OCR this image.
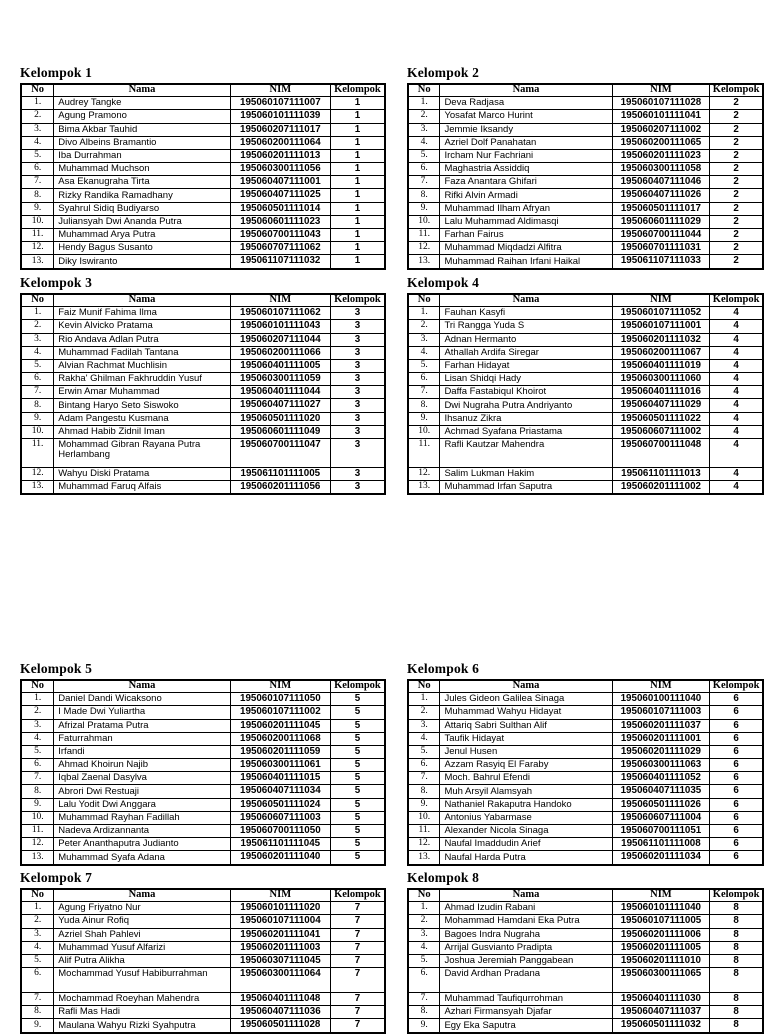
Kelompok 1
No	Nama	NIM	Kelompok
1.	Audrey Tangke	195060107111007	1
2.	Agung Pramono	195060101111039	1
3.	Bima Akbar Tauhid	195060207111017	1
4.	Divo Albeins Bramantio	195060200111064	1
5.	Iba Durrahman	195060201111013	1
6.	Muhammad Muchson	195060300111056	1
7.	Asa Ekanugraha Tirta	195060407111001	1
8.	Rizky Randika Ramadhany	195060407111025	1
9.	Syahrul Sidiq Budiyarso	195060501111014	1
10.	Juliansyah Dwi Ananda Putra	195060601111023	1
11.	Muhammad Arya Putra	195060700111043	1
12.	Hendy Bagus Susanto	195060707111062	1
13.	Diky Iswiranto	195061107111032	1
Kelompok 2
No	Nama	NIM	Kelompok
1.	Deva Radjasa	195060107111028	2
2.	Yosafat Marco Hurint	195060101111041	2
3.	Jemmie Iksandy	195060207111002	2
4.	Azriel Dolf Panahatan	195060200111065	2
5.	Ircham Nur Fachriani	195060201111023	2
6.	Maghastria Assiddiq	195060300111058	2
7.	Faza Anantara Ghifari	195060407111046	2
8.	Rifki Alvin Armadi	195060407111026	2
9.	Muhammad Ilham Afryan	195060501111017	2
10.	Lalu Muhammad Aldimasqi	195060601111029	2
11.	Farhan Fairus	195060700111044	2
12.	Muhammad Miqdadzi Alfitra	195060701111031	2
13.	Muhammad Raihan Irfani Haikal	195061107111033	2
Kelompok 3
No	Nama	NIM	Kelompok
1.	Faiz Munif Fahima Ilma	195060107111062	3
2.	Kevin Alvicko Pratama	195060101111043	3
3.	Rio Andava Adlan Putra	195060207111044	3
4.	Muhammad Fadilah Tantana	195060200111066	3
5.	Alvian Rachmat Muchlisin	195060401111005	3
6.	Rakha' Ghilman Fakhruddin Yusuf	195060300111059	3
7.	Erwin Amar Muhammad	195060401111044	3
8.	Bintang Haryo Seto Siswoko	195060407111027	3
9.	Adam Pangestu Kusmana	195060501111020	3
10.	Ahmad Habib Zidnil Iman	195060601111049	3
11.	Mohammad Gibran Rayana Putra Herlambang	195060700111047	3
12.	Wahyu Diski Pratama	195061101111005	3
13.	Muhammad Faruq Alfais	195060201111056	3
Kelompok 4
No	Nama	NIM	Kelompok
1.	Fauhan Kasyfi	195060107111052	4
2.	Tri Rangga Yuda S	195060107111001	4
3.	Adnan Hermanto	195060201111032	4
4.	Athallah Ardifa Siregar	195060200111067	4
5.	Farhan Hidayat	195060401111019	4
6.	Lisan Shidqi Hady	195060300111060	4
7.	Daffa Fastabiqul Khoirot	195060401111016	4
8.	Dwi Nugraha Putra Andriyanto	195060407111029	4
9.	Ihsanuz Zikra	195060501111022	4
10.	Achmad Syafana Priastama	195060607111002	4
11.	Rafli Kautzar Mahendra	195060700111048	4
12.	Salim Lukman Hakim	195061101111013	4
13.	Muhammad Irfan Saputra	195060201111002	4
Kelompok 5
No	Nama	NIM	Kelompok
1.	Daniel Dandi Wicaksono	195060107111050	5
2.	I Made Dwi Yuliartha	195060107111002	5
3.	Afrizal Pratama Putra	195060201111045	5
4.	Faturrahman	195060200111068	5
5.	Irfandi	195060201111059	5
6.	Ahmad Khoirun Najib	195060300111061	5
7.	Iqbal Zaenal Dasylva	195060401111015	5
8.	Abrori Dwi Restuaji	195060407111034	5
9.	Lalu Yodit Dwi Anggara	195060501111024	5
10.	Muhammad Rayhan Fadillah	195060607111003	5
11.	Nadeva Ardizannanta	195060700111050	5
12.	Peter Ananthaputra Judianto	195061101111045	5
13.	Muhammad Syafa Adana	195060201111040	5
Kelompok 6
No	Nama	NIM	Kelompok
1.	Jules Gideon Galilea Sinaga	195060100111040	6
2.	Muhammad Wahyu Hidayat	195060107111003	6
3.	Attariq Sabri Sulthan Alif	195060201111037	6
4.	Taufik Hidayat	195060201111001	6
5.	Jenul Husen	195060201111029	6
6.	Azzam Rasyiq El Faraby	195060300111063	6
7.	Moch. Bahrul Efendi	195060401111052	6
8.	Muh Arsyil Alamsyah	195060407111035	6
9.	Nathaniel Rakaputra Handoko	195060501111026	6
10.	Antonius Yabarmase	195060607111004	6
11.	Alexander Nicola Sinaga	195060700111051	6
12.	Naufal Imaddudin Arief	195061101111008	6
13.	Naufal Harda Putra	195060201111034	6
Kelompok 7
No	Nama	NIM	Kelompok
1.	Agung Friyatno Nur	195060101111020	7
2.	Yuda Ainur Rofiq	195060107111004	7
3.	Azriel Shah Pahlevi	195060201111041	7
4.	Muhammad Yusuf Alfarizi	195060201111003	7
5.	Alif Putra Alikha	195060307111045	7
6.	Mochammad Yusuf Habiburrahman	195060300111064	7
7.	Mochammad Roeyhan Mahendra	195060401111048	7
8.	Rafli Mas Hadi	195060407111036	7
9.	Maulana Wahyu Rizki Syahputra	195060501111028	7
Kelompok 8
No	Nama	NIM	Kelompok
1.	Ahmad Izudin Rabani	195060101111040	8
2.	Mohammad Hamdani Eka Putra	195060107111005	8
3.	Bagoes Indra Nugraha	195060201111006	8
4.	Arrijal Gusvianto Pradipta	195060201111005	8
5.	Joshua Jeremiah Panggabean	195060201111010	8
6.	David Ardhan Pradana	195060300111065	8
7.	Muhammad Taufiqurrohman	195060401111030	8
8.	Azhari Firmansyah Djafar	195060407111037	8
9.	Egy Eka Saputra	195060501111032	8
